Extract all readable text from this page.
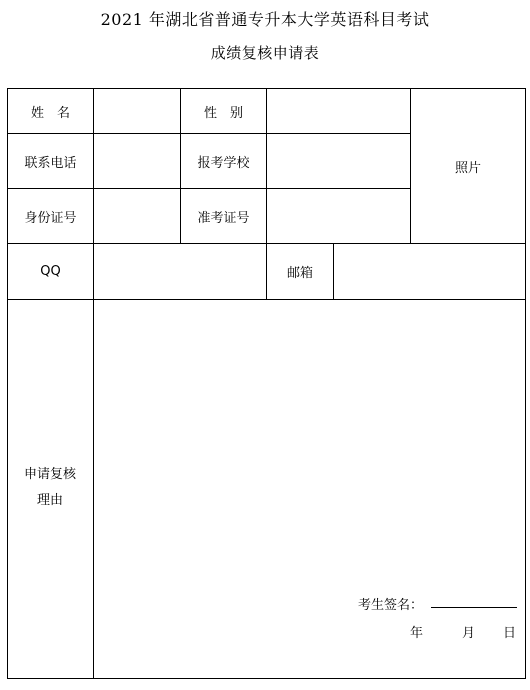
2021 年湖北省普通专升本大学英语科目考试
成绩复核申请表
姓　名	性　别
照片
联系电话	报考学校
身份证号	准考证号
QQ	邮箱
申请复核
理由
考生签名：
年	月 日
